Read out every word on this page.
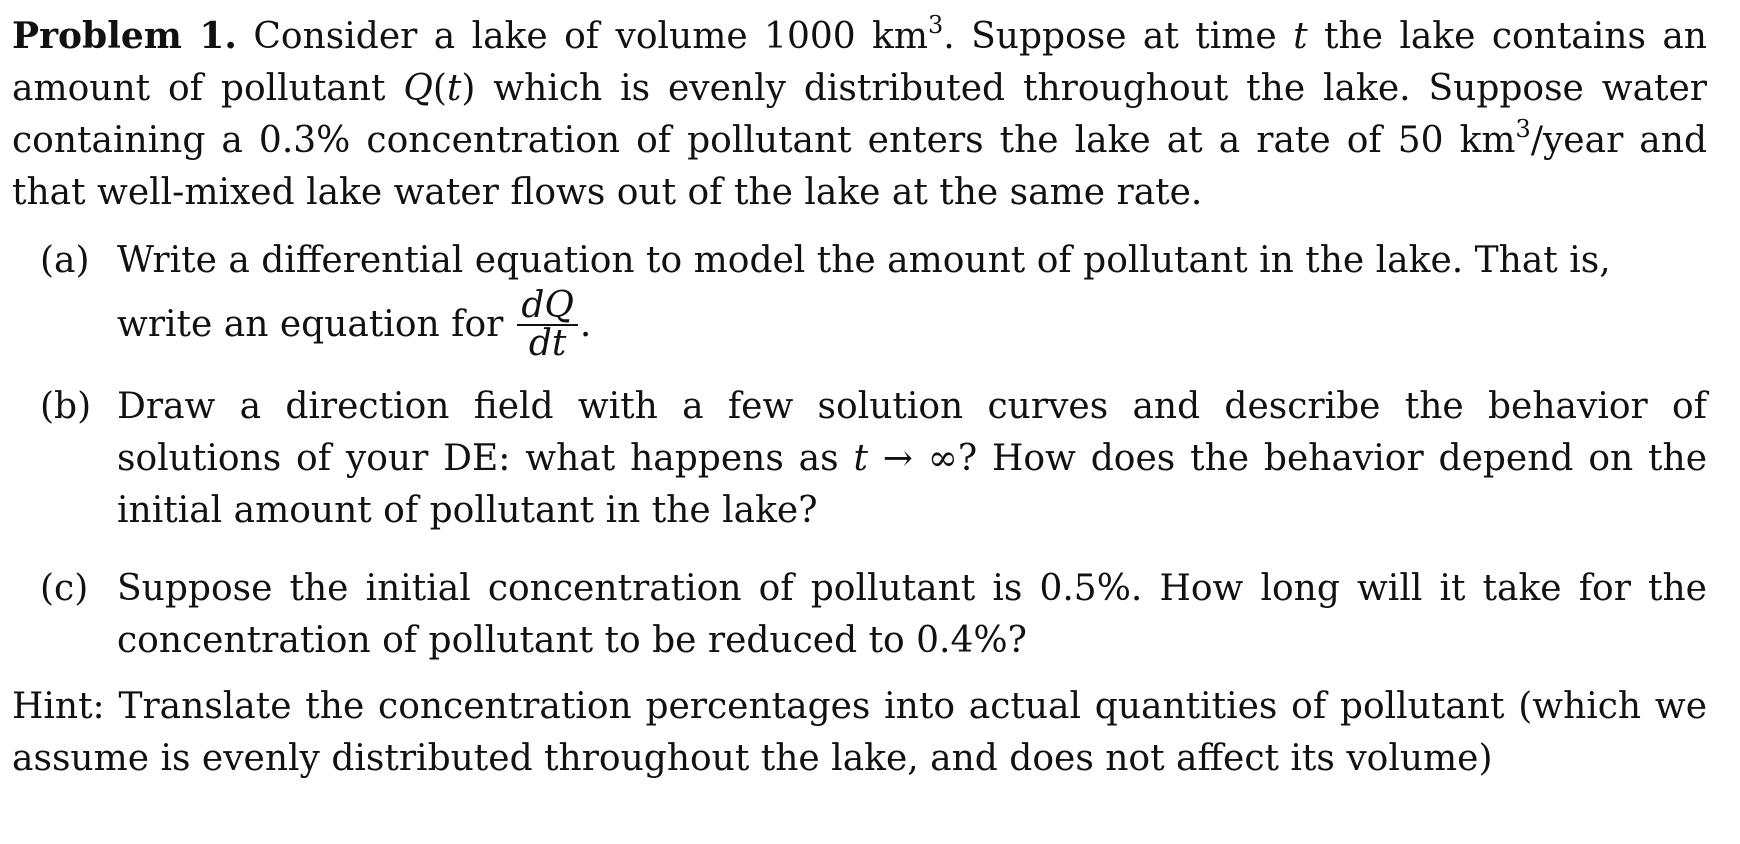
Problem 1. Consider a lake of volume 1000 $km^3$. Suppose at time t the lake contains an amount of pollutant Q(t) which is evenly distributed throughout the lake. Suppose water containing a 0.3% concentration of pollutant enters the lake at a rate of 50 $km^3$/year and that well-mixed lake water flows out of the lake at the same rate.
(a) Write a differential equation to model the amount of pollutant in the lake. That is,
write an equation for $\frac{dQ}{dt}$ .
(b) Draw a direction field with a few solution curves and describe the behavior of solutions of your DE: what happens as t → ∞? How does the behavior depend on the initial amount of pollutant in the lake?
(c) Suppose the initial concentration of pollutant is 0.5%. How long will it take for the concentration of pollutant to be reduced to 0.4%?
Hint: Translate the concentration percentages into actual quantities of pollutant (which we assume is evenly distributed throughout the lake, and does not affect its volume)
